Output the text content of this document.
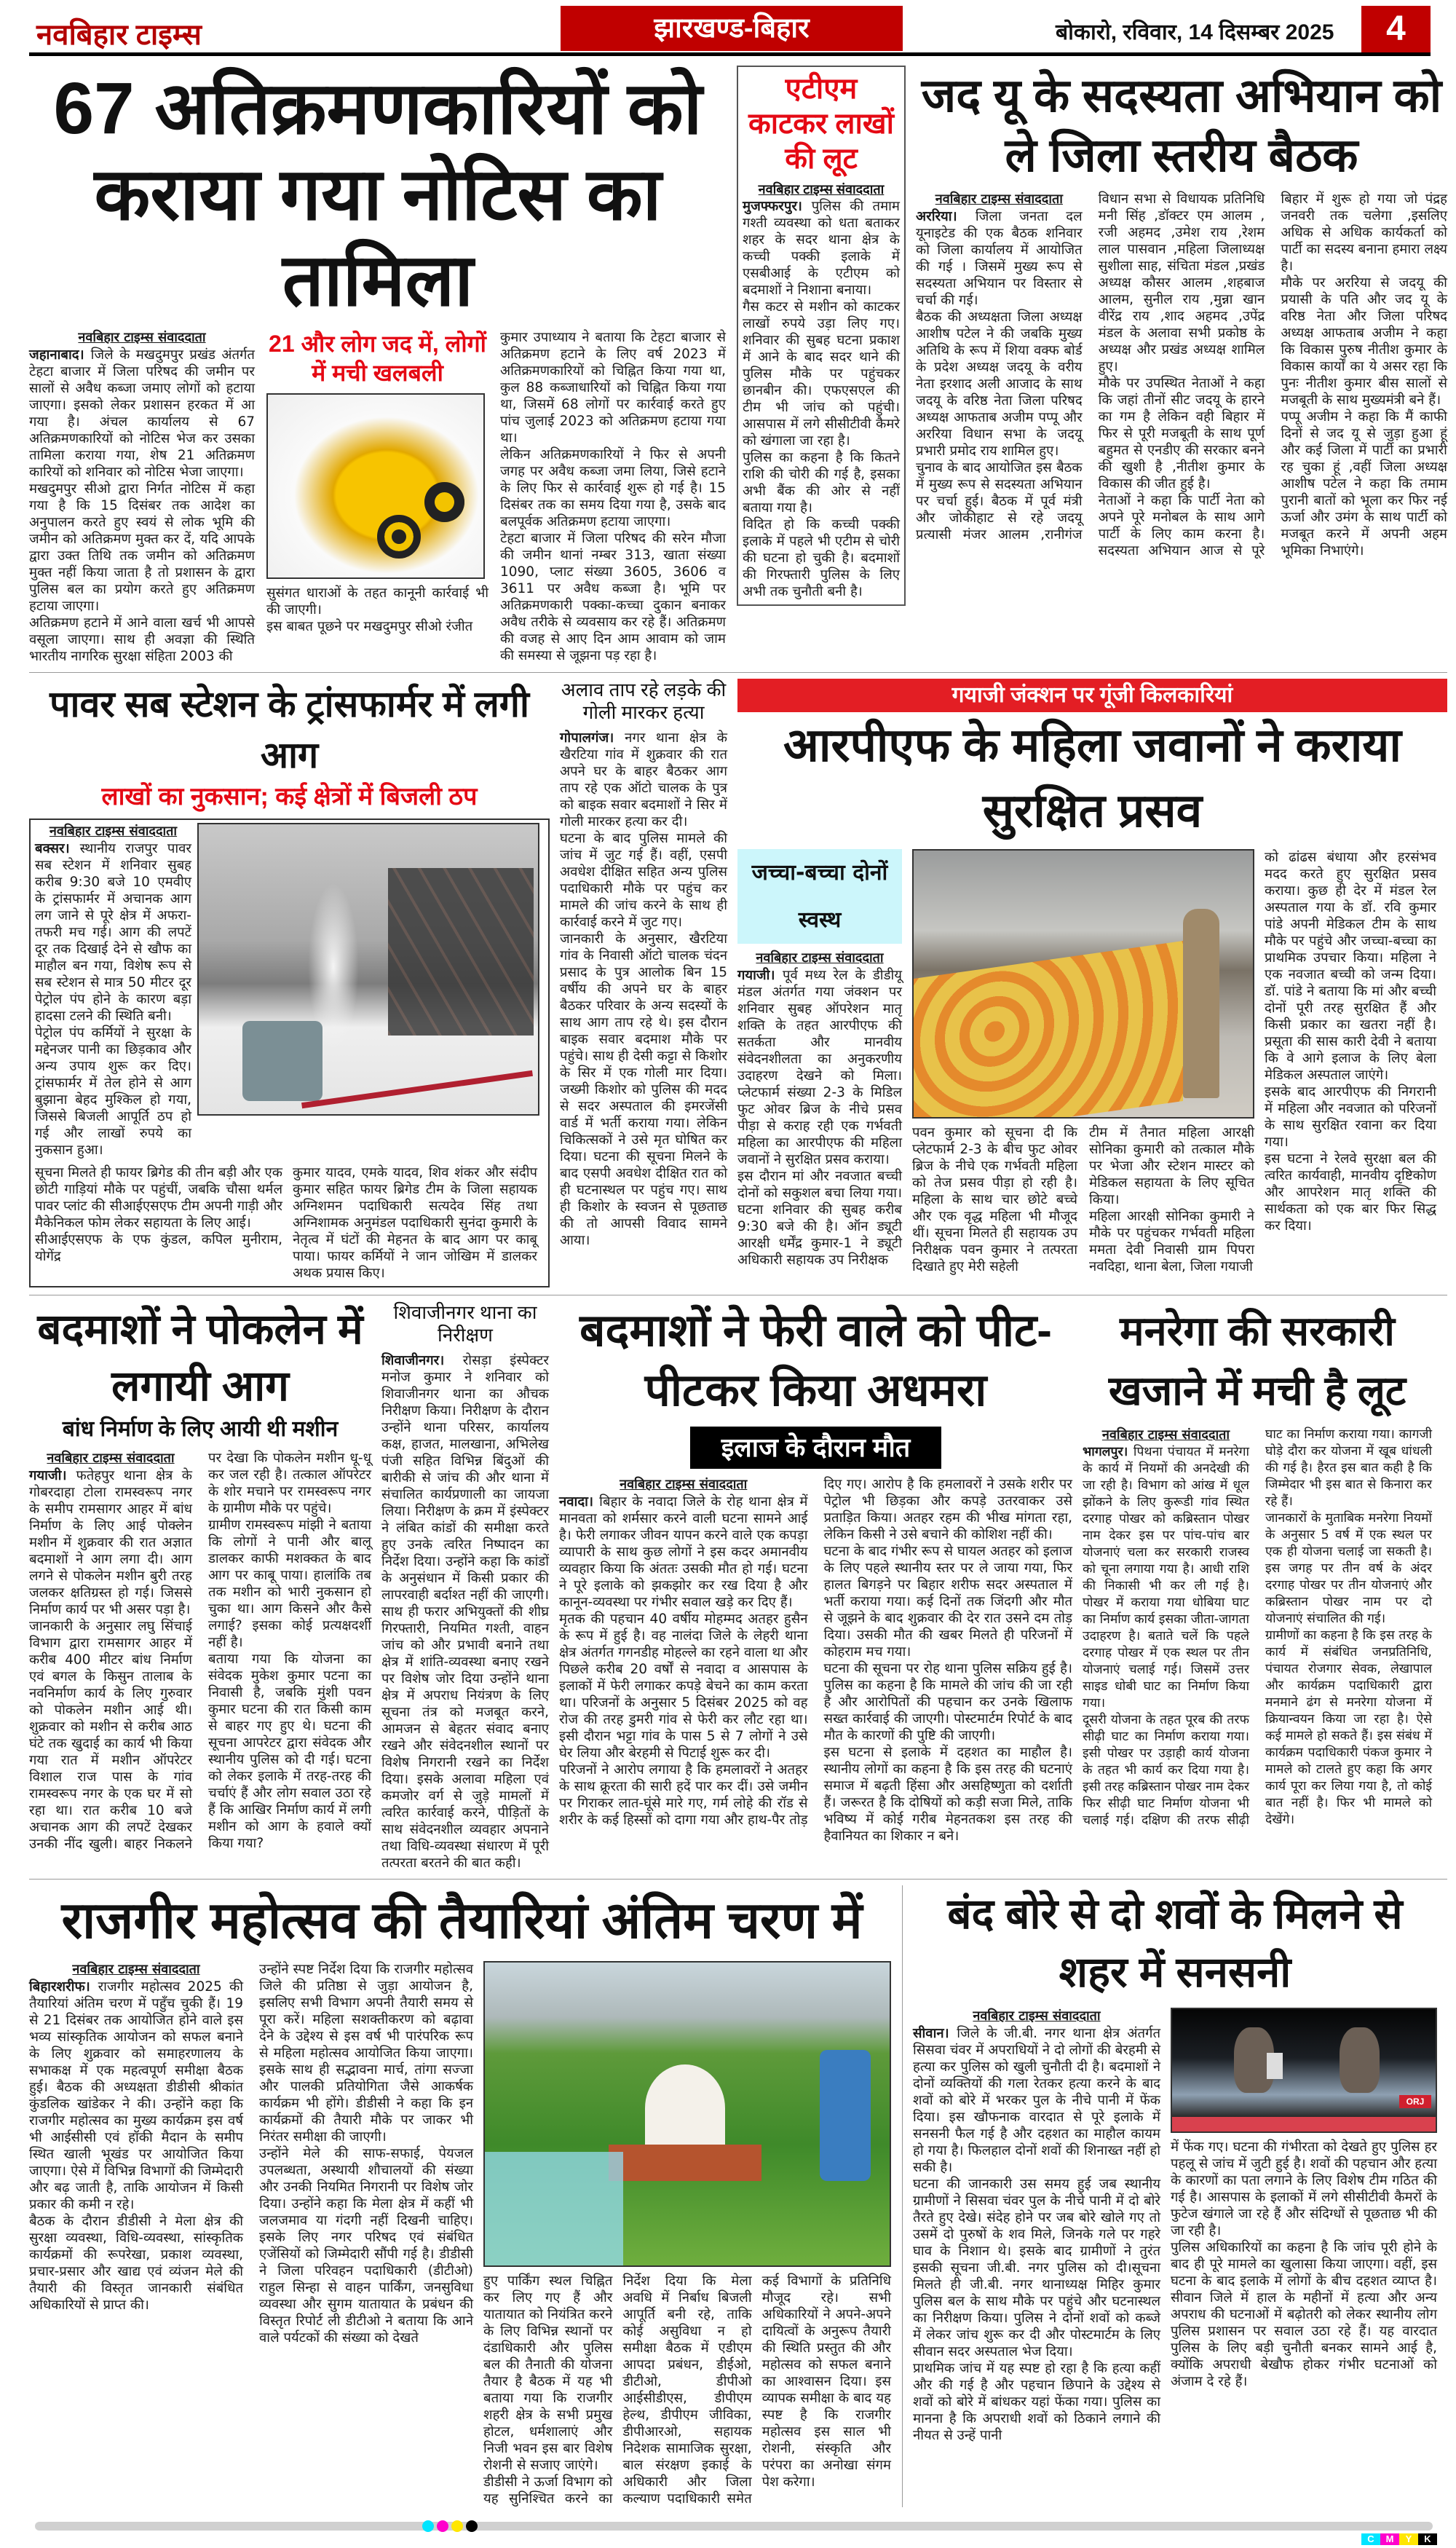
नवबिहार टाइम्स	झारखण्ड-बिहार	बोकारो, रविवार, 14 दिसम्बर 2025	4
67 अतिक्रमणकारियों को कराया गया नोटिस का तामिला
नवबिहार टाइम्स संवाददाता

जहानाबाद। जिले के मखदुमपुर प्रखंड अंतर्गत टेहटा बाजार में जिला परिषद की जमीन पर सालों से अवैध कब्जा जमाए लोगों को हटाया जाएगा। इसको लेकर प्रशासन हरकत में आ गया है। अंचल कार्यालय से 67 अतिक्रमणकारियों को नोटिस भेज कर उसका तामिला कराया गया, शेष 21 अतिक्रमण कारियों को शनिवार को नोटिस भेजा जाएगा।

मखदुमपुर सीओ द्वारा निर्गत नोटिस में कहा गया है कि 15 दिसंबर तक आदेश का अनुपालन करते हुए स्वयं से लोक भूमि की जमीन को अतिक्रमण मुक्त कर दें, यदि आपके द्वारा उक्त तिथि तक जमीन को अतिक्रमण मुक्त नहीं किया जाता है तो प्रशासन के द्वारा पुलिस बल का प्रयोग करते हुए अतिक्रमण हटाया जाएगा।

अतिक्रमण हटाने में आने वाला खर्च भी आपसे वसूला जाएगा। साथ ही अवज्ञा की स्थिति भारतीय नागरिक सुरक्षा संहिता 2003 की

21 और लोग जद में, लोगों में मची खलबली

सुसंगत धाराओं के तहत कानूनी कार्रवाई भी की जाएगी।

इस बाबत पूछने पर मखदुमपुर सीओ रंजीत

कुमार उपाध्याय ने बताया कि टेहटा बाजार से अतिक्रमण हटाने के लिए वर्ष 2023 में अतिक्रमणकारियों को चिह्नित किया गया था, कुल 88 कब्जाधारियों को चिह्नित किया गया था, जिसमें 68 लोगों पर कार्रवाई करते हुए पांच जुलाई 2023 को अतिक्रमण हटाया गया था।

लेकिन अतिक्रमणकारियों ने फिर से अपनी जगह पर अवैध कब्जा जमा लिया, जिसे हटाने के लिए फिर से कार्रवाई शुरू हो गई है। 15 दिसंबर तक का समय दिया गया है, उसके बाद बलपूर्वक अतिक्रमण हटाया जाएगा।

टेहटा बाजार में जिला परिषद की सरेन मौजा की जमीन थानां नम्बर 313, खाता संख्या 1090, प्लाट संख्या 3605, 3606 व 3611 पर अवैध कब्जा है। भूमि पर अतिक्रमणकारी पक्का-कच्चा दुकान बनाकर अवैध तरीके से व्यवसाय कर रहे हैं। अतिक्रमण की वजह से आए दिन आम आवाम को जाम की समस्या से जूझना पड़ रहा है।

एटीएम काटकर लाखों की लूट
नवबिहार टाइम्स संवाददाता

मुजफ्फरपुर। पुलिस की तमाम गश्ती व्यवस्था को धता बताकर शहर के सदर थाना क्षेत्र के कच्ची पक्की इलाके में एसबीआई के एटीएम को बदमाशों ने निशाना बनाया।

गैस कटर से मशीन को काटकर लाखों रुपये उड़ा लिए गए। शनिवार की सुबह घटना प्रकाश में आने के बाद सदर थाने की पुलिस मौके पर पहुंचकर छानबीन की। एफएसएल की टीम भी जांच को पहुंची। आसपास में लगे सीसीटीवी कैमरे को खंगाला जा रहा है।

पुलिस का कहना है कि कितने राशि की चोरी की गई है, इसका अभी बैंक की ओर से नहीं बताया गया है।

विदित हो कि कच्ची पक्की इलाके में पहले भी एटीम से चोरी की घटना हो चुकी है। बदमाशों की गिरफ्तारी पुलिस के लिए अभी तक चुनौती बनी है।

जद यू के सदस्यता अभियान को ले जिला स्तरीय बैठक
नवबिहार टाइम्स संवाददाता

अररिया। जिला जनता दल यूनाइटेड की एक बैठक शनिवार को जिला कार्यालय में आयोजित की गई । जिसमें मुख्य रूप से सदस्यता अभियान पर विस्तार से चर्चा की गई।

बैठक की अध्यक्षता जिला अध्यक्ष आशीष पटेल ने की जबकि मुख्य अतिथि के रूप में शिया वक्फ बोर्ड के प्रदेश अध्यक्ष जदयू के वरीय नेता इरशाद अली आजाद के साथ जदयू के वरिष्ठ नेता जिला परिषद अध्यक्ष आफताब अजीम पप्पू और अररिया विधान सभा के जदयू प्रभारी प्रमोद राय शामिल हुए।

चुनाव के बाद आयोजित इस बैठक में मुख्य रूप से सदस्यता अभियान पर चर्चा हुई। बैठक में पूर्व मंत्री और जोकीहाट से रहे जदयू प्रत्यासी मंजर आलम ,रानीगंज विधान सभा से विधायक प्रतिनिधि मनी सिंह ,डॉक्टर एम आलम , रजी अहमद ,उमेश राय ,रेशम लाल पासवान ,महिला जिलाध्यक्ष सुशीला साह, संचिता मंडल ,प्रखंड अध्यक्ष कौसर आलम ,शहबाज आलम, सुनील राय ,मुन्ना खान वीरेंद्र राय ,शाद अहमद ,उपेंद्र मंडल के अलावा सभी प्रकोष्ठ के अध्यक्ष और प्रखंड अध्यक्ष शामिल हुए।

मौके पर उपस्थित नेताओं ने कहा कि जहां तीनों सीट जदयू के हारने का गम है लेकिन वही बिहार में फिर से पूरी मजबूती के साथ पूर्ण बहुमत से एनडीए की सरकार बनने की खुशी है ,नीतीश कुमार के विकास की जीत हुई है।

नेताओं ने कहा कि पार्टी नेता को अपने पूरे मनोबल के साथ आगे पार्टी के लिए काम करना है। सदस्यता अभियान आज से पूरे बिहार में शुरू हो गया जो पंद्रह जनवरी तक चलेगा ,इसलिए अधिक से अधिक कार्यकर्ता को पार्टी का सदस्य बनाना हमारा लक्ष्य है।

मौके पर अररिया से जदयू की प्रयासी के पति और जद यू के वरिष्ठ नेता और जिला परिषद अध्यक्ष आफताब अजीम ने कहा कि विकास पुरुष नीतीश कुमार के विकास कार्यों का ये असर रहा कि पुनः नीतीश कुमार बीस सालों से मजबूती के साथ मुख्यमंत्री बने हैं।

पप्पू अजीम ने कहा कि मैं काफी दिनों से जद यू से जुड़ा हुआ हूं और कई जिला में पार्टी का प्रभारी रह चुका हूं ,वहीं जिला अध्यक्ष आशीष पटेल ने कहा कि तमाम पुरानी बातों को भूला कर फिर नई ऊर्जा और उमंग के साथ पार्टी को मजबूत करने में अपनी अहम भूमिका निभाएंगे।

पावर सब स्टेशन के ट्रांसफार्मर में लगी आग
लाखों का नुकसान; कई क्षेत्रों में बिजली ठप
नवबिहार टाइम्स संवाददाता

बक्सर। स्थानीय राजपुर पावर सब स्टेशन में शनिवार सुबह करीब 9:30 बजे 10 एमवीए के ट्रांसफार्मर में अचानक आग लग जाने से पूरे क्षेत्र में अफरा-तफरी मच गई। आग की लपटें दूर तक दिखाई देने से खौफ का माहौल बन गया, विशेष रूप से सब स्टेशन से मात्र 50 मीटर दूर पेट्रोल पंप होने के कारण बड़ा हादसा टलने की स्थिति बनी।

पेट्रोल पंप कर्मियों ने सुरक्षा के मद्देनजर पानी का छिड़काव और अन्य उपाय शुरू कर दिए। ट्रांसफार्मर में तेल होने से आग बुझाना बेहद मुश्किल हो गया, जिससे बिजली आपूर्ति ठप हो गई और लाखों रुपये का नुकसान हुआ।

सूचना मिलते ही फायर ब्रिगेड की तीन बड़ी और एक छोटी गाड़ियां मौके पर पहुंचीं, जबकि चौसा थर्मल पावर प्लांट की सीआईएसएफ टीम अपनी गाड़ी और मैकेनिकल फोम लेकर सहायता के लिए आई।

सीआईएसएफ के एफ कुंडल, कपिल मुनीराम, योगेंद्र

कुमार यादव, एमके यादव, शिव शंकर और संदीप कुमार सहित फायर ब्रिगेड टीम के जिला सहायक अग्निशमन पदाधिकारी सत्यदेव सिंह तथा अग्निशामक अनुमंडल पदाधिकारी सुनंदा कुमारी के नेतृत्व में घंटों की मेहनत के बाद आग पर काबू पाया। फायर कर्मियों ने जान जोखिम में डालकर अथक प्रयास किए।

अलाव ताप रहे लड़के की गोली मारकर हत्या

गोपालगंज। नगर थाना क्षेत्र के खैरटिया गांव में शुक्रवार की रात अपने घर के बाहर बैठकर आग ताप रहे एक ऑटो चालक के पुत्र को बाइक सवार बदमाशों ने सिर में गोली मारकर हत्या कर दी।

घटना के बाद पुलिस मामले की जांच में जुट गई हैं। वहीं, एसपी अवधेश दीक्षित सहित अन्य पुलिस पदाधिकारी मौके पर पहुंच कर मामले की जांच करने के साथ ही कार्रवाई करने में जुट गए।

जानकारी के अनुसार, खैरटिया गांव के निवासी ऑटो चालक चंदन प्रसाद के पुत्र आलोक बिन 15 वर्षीय की अपने घर के बाहर बैठकर परिवार के अन्य सदस्यों के साथ आग ताप रहे थे। इस दौरान बाइक सवार बदमाश मौके पर पहुंचे। साथ ही देसी कट्टा से किशोर के सिर में एक गोली मार दिया। जख्मी किशोर को पुलिस की मदद से सदर अस्पताल की इमरजेंसी वार्ड में भर्ती कराया गया। लेकिन चिकित्सकों ने उसे मृत घोषित कर दिया। घटना की सूचना मिलने के बाद एसपी अवधेश दीक्षित रात को ही घटनास्थल पर पहुंच गए। साथ ही किशोर के स्वजन से पूछताछ की तो आपसी विवाद सामने आया।

गयाजी जंक्शन पर गूंजी किलकारियां
आरपीएफ के महिला जवानों ने कराया सुरक्षित प्रसव
जच्चा-बच्चा दोनों स्वस्थ
नवबिहार टाइम्स संवाददाता

गयाजी। पूर्व मध्य रेल के डीडीयू मंडल अंतर्गत गया जंक्शन पर शनिवार सुबह ऑपरेशन मातृ शक्ति के तहत आरपीएफ की सतर्कता और मानवीय संवेदनशीलता का अनुकरणीय उदाहरण देखने को मिला। प्लेटफार्म संख्या 2-3 के मिडिल फुट ओवर ब्रिज के नीचे प्रसव पीड़ा से कराह रही एक गर्भवती महिला का आरपीएफ की महिला जवानों ने सुरक्षित प्रसव कराया।

इस दौरान मां और नवजात बच्ची दोनों को सकुशल बचा लिया गया। घटना शनिवार की सुबह करीब 9:30 बजे की है। ऑन ड्यूटी आरक्षी धर्मेंद्र कुमार-1 ने ड्यूटी अधिकारी सहायक उप निरीक्षक

पवन कुमार को सूचना दी कि प्लेटफार्म 2-3 के बीच फुट ओवर ब्रिज के नीचे एक गर्भवती महिला को तेज प्रसव पीड़ा हो रही है। महिला के साथ चार छोटे बच्चे और एक वृद्ध महिला भी मौजूद थीं। सूचना मिलते ही सहायक उप निरीक्षक पवन कुमार ने तत्परता दिखाते हुए मेरी सहेली

टीम में तैनात महिला आरक्षी सोनिका कुमारी को तत्काल मौके पर भेजा और स्टेशन मास्टर को मेडिकल सहायता के लिए सूचित किया।

महिला आरक्षी सोनिका कुमारी ने मौके पर पहुंचकर गर्भवती महिला ममता देवी निवासी ग्राम पिपरा नवदिहा, थाना बेला, जिला गयाजी

को ढांढस बंधाया और हरसंभव मदद करते हुए सुरक्षित प्रसव कराया। कुछ ही देर में मंडल रेल अस्पताल गया के डॉ. रवि कुमार पांडे अपनी मेडिकल टीम के साथ मौके पर पहुंचे और जच्चा-बच्चा का प्राथमिक उपचार किया। महिला ने एक नवजात बच्ची को जन्म दिया। डॉ. पांडे ने बताया कि मां और बच्ची दोनों पूरी तरह सुरक्षित हैं और किसी प्रकार का खतरा नहीं है। प्रसूता की सास कारी देवी ने बताया कि वे आगे इलाज के लिए बेला मेडिकल अस्पताल जाएंगे।

इसके बाद आरपीएफ की निगरानी में महिला और नवजात को परिजनों के साथ सुरक्षित रवाना कर दिया गया।

इस घटना ने रेलवे सुरक्षा बल की त्वरित कार्यवाही, मानवीय दृष्टिकोण और आपरेशन मातृ शक्ति की सार्थकता को एक बार फिर सिद्ध कर दिया।

बदमाशों ने पोकलेन में लगायी आग
बांध निर्माण के लिए आयी थी मशीन
नवबिहार टाइम्स संवाददाता

गयाजी। फतेहपुर थाना क्षेत्र के गोबरदाहा टोला रामस्वरूप नगर के समीप रामसागर आहर में बांध निर्माण के लिए आई पोक्लेन मशीन में शुक्रवार की रात अज्ञात बदमाशों ने आग लगा दी। आग लगने से पोकलेन मशीन बुरी तरह जलकर क्षतिग्रस्त हो गई। जिससे निर्माण कार्य पर भी असर पड़ा है।

जानकारी के अनुसार लघु सिंचाई विभाग द्वारा रामसागर आहर में करीब 400 मीटर बांध निर्माण एवं बगल के किसुन तालाब के नवनिर्माण कार्य के लिए गुरुवार को पोकलेन मशीन आई थी। शुक्रवार को मशीन से करीब आठ घंटे तक खुदाई का कार्य भी किया गया रात में मशीन ऑपरेटर विशाल राज पास के गांव रामस्वरूप नगर के एक घर में सो रहा था। रात करीब 10 बजे अचानक आग की लपटें देखकर उनकी नींद खुली। बाहर निकलने पर देखा कि पोकलेन मशीन धू-धू कर जल रही है। तत्काल ऑपरेटर के शोर मचाने पर रामस्वरूप नगर के ग्रामीण मौके पर पहुंचे।

ग्रामीण रामस्वरूप मांझी ने बताया कि लोगों ने पानी और बालू डालकर काफी मशक्कत के बाद आग पर काबू पाया। हालांकि तब तक मशीन को भारी नुकसान हो चुका था। आग किसने और कैसे लगाई? इसका कोई प्रत्यक्षदर्शी नहीं है।

बताया गया कि योजना का संवेदक मुकेश कुमार पटना का निवासी है, जबकि मुंशी पवन कुमार घटना की रात किसी काम से बाहर गए हुए थे। घटना की सूचना आपरेटर द्वारा संवेदक और स्थानीय पुलिस को दी गई। घटना को लेकर इलाके में तरह-तरह की चर्चाएं हैं और लोग सवाल उठा रहे हैं कि आखिर निर्माण कार्य में लगी मशीन को आग के हवाले क्यों किया गया?

शिवाजीनगर थाना का निरीक्षण

शिवाजीनगर। रोसड़ा इंस्पेक्टर मनोज कुमार ने शनिवार को शिवाजीनगर थाना का औचक निरीक्षण किया। निरीक्षण के दौरान उन्होंने थाना परिसर, कार्यालय कक्ष, हाजत, मालखाना, अभिलेख पंजी सहित विभिन्न बिंदुओं की बारीकी से जांच की और थाना में संचालित कार्यप्रणाली का जायजा लिया। निरीक्षण के क्रम में इंस्पेक्टर ने लंबित कांडों की समीक्षा करते हुए उनके त्वरित निष्पादन का निर्देश दिया। उन्होंने कहा कि कांडों के अनुसंधान में किसी प्रकार की लापरवाही बर्दाश्त नहीं की जाएगी। साथ ही फरार अभियुक्तों की शीघ्र गिरफ्तारी, नियमित गश्ती, वाहन जांच को और प्रभावी बनाने तथा क्षेत्र में शांति-व्यवस्था बनाए रखने पर विशेष जोर दिया उन्होंने थाना क्षेत्र में अपराध नियंत्रण के लिए सूचना तंत्र को मजबूत करने, आमजन से बेहतर संवाद बनाए रखने और संवेदनशील स्थानों पर विशेष निगरानी रखने का निर्देश दिया। इसके अलावा महिला एवं कमजोर वर्ग से जुड़े मामलों में त्वरित कार्रवाई करने, पीड़ितों के साथ संवेदनशील व्यवहार अपनाने तथा विधि-व्यवस्था संधारण में पूरी तत्परता बरतने की बात कही।

बदमाशों ने फेरी वाले को पीट-पीटकर किया अधमरा
इलाज के दौरान मौत
नवबिहार टाइम्स संवाददाता

नवादा। बिहार के नवादा जिले के रोह थाना क्षेत्र में मानवता को शर्मसार करने वाली घटना सामने आई है। फेरी लगाकर जीवन यापन करने वाले एक कपड़ा व्यापारी के साथ कुछ लोगों ने इस कदर अमानवीय व्यवहार किया कि अंततः उसकी मौत हो गई। घटना ने पूरे इलाके को झकझोर कर रख दिया है और कानून-व्यवस्था पर गंभीर सवाल खड़े कर दिए हैं।

मृतक की पहचान 40 वर्षीय मोहम्मद अतहर हुसैन के रूप में हुई है। वह नालंदा जिले के लेहरी थाना क्षेत्र अंतर्गत गगनडीह मोहल्ले का रहने वाला था और पिछले करीब 20 वर्षों से नवादा व आसपास के इलाकों में फेरी लगाकर कपड़े बेचने का काम करता था। परिजनों के अनुसार 5 दिसंबर 2025 को वह रोज की तरह डुमरी गांव से फेरी कर लौट रहा था। इसी दौरान भट्टा गांव के पास 5 से 7 लोगों ने उसे घेर लिया और बेरहमी से पिटाई शुरू कर दी।

परिजनों ने आरोप लगाया है कि हमलावरों ने अतहर के साथ क्रूरता की सारी हदें पार कर दीं। उसे जमीन पर गिराकर लात-घूंसे मारे गए, गर्म लोहे की रॉड से शरीर के कई हिस्सों को दागा गया और हाथ-पैर तोड़ दिए गए। आरोप है कि हमलावरों ने उसके शरीर पर पेट्रोल भी छिड़का और कपड़े उतरवाकर उसे प्रताड़ित किया। अतहर रहम की भीख मांगता रहा, लेकिन किसी ने उसे बचाने की कोशिश नहीं की।

घटना के बाद गंभीर रूप से घायल अतहर को इलाज के लिए पहले स्थानीय स्तर पर ले जाया गया, फिर हालत बिगड़ने पर बिहार शरीफ सदर अस्पताल में भर्ती कराया गया। कई दिनों तक जिंदगी और मौत से जूझने के बाद शुक्रवार की देर रात उसने दम तोड़ दिया। उसकी मौत की खबर मिलते ही परिजनों में कोहराम मच गया।

घटना की सूचना पर रोह थाना पुलिस सक्रिय हुई है। पुलिस का कहना है कि मामले की जांच की जा रही है और आरोपितों की पहचान कर उनके खिलाफ सख्त कार्रवाई की जाएगी। पोस्टमार्टम रिपोर्ट के बाद मौत के कारणों की पुष्टि की जाएगी।

इस घटना से इलाके में दहशत का माहौल है। स्थानीय लोगों का कहना है कि इस तरह की घटनाएं समाज में बढ़ती हिंसा और असहिष्णुता को दर्शाती हैं। जरूरत है कि दोषियों को कड़ी सजा मिले, ताकि भविष्य में कोई गरीब मेहनतकश इस तरह की हैवानियत का शिकार न बने।

मनरेगा की सरकारी खजाने में मची है लूट
नवबिहार टाइम्स संवाददाता

भागलपुर। पिथना पंचायत में मनरेगा के कार्य में नियमों की अनदेखी की जा रही है। विभाग को आंख में धूल झोंकने के लिए कुरूडी गांव स्थित दरगाह पोखर को कब्रिस्तान पोखर नाम देकर इस पर पांच-पांच बार योजनाएं चला कर सरकारी राजस्व को चूना लगाया गया है। आधी राशि की निकासी भी कर ली गई है। पोखर में कराया गया धोबिया घाट का निर्माण कार्य इसका जीता-जागता उदाहरण है। बताते चलें कि पहले दरगाह पोखर में एक स्थल पर तीन योजनाएं चलाई गई। जिसमें उत्तर साइड धोबी घाट का निर्माण किया गया।

दूसरी योजना के तहत पूरब की तरफ सीढ़ी घाट का निर्माण कराया गया। इसी पोखर पर उड़ाही कार्य योजना के तहत भी कार्य कर दिया गया है। इसी तरह कब्रिस्तान पोखर नाम देकर फिर सीढ़ी घाट निर्माण योजना भी चलाई गई। दक्षिण की तरफ सीढ़ी घाट का निर्माण कराया गया। कागजी घोड़े दौरा कर योजना में खूब धांधली की गई है। हैरत इस बात कही है कि जिम्मेदार भी इस बात से किनारा कर रहे हैं।

जानकारों के मुताबिक मनरेगा नियमों के अनुसार 5 वर्ष में एक स्थल पर एक ही योजना चलाई जा सकती है। इस जगह पर तीन वर्ष के अंदर दरगाह पोखर पर तीन योजनाएं और कब्रिस्तान पोखर नाम पर दो योजनाएं संचालित की गई।

ग्रामीणों का कहना है कि इस तरह के कार्य में संबंधित जनप्रतिनिधि, पंचायत रोजगार सेवक, लेखापाल और कार्यक्रम पदाधिकारी द्वारा मनमाने ढंग से मनरेगा योजना में क्रियान्वयन किया जा रहा है। ऐसे कई मामले हो सकते हैं। इस संबंध में कार्यक्रम पदाधिकारी पंकज कुमार ने मामले को टालते हुए कहा कि अगर कार्य पूरा कर लिया गया है, तो कोई बात नहीं है। फिर भी मामले को देखेंगे।

राजगीर महोत्सव की तैयारियां अंतिम चरण में
नवबिहार टाइम्स संवाददाता

बिहारशरीफ। राजगीर महोत्सव 2025 की तैयारियां अंतिम चरण में पहुँच चुकी हैं। 19 से 21 दिसंबर तक आयोजित होने वाले इस भव्य सांस्कृतिक आयोजन को सफल बनाने के लिए शुक्रवार को समाहरणालय के सभाकक्ष में एक महत्वपूर्ण समीक्षा बैठक हुई। बैठक की अध्यक्षता डीडीसी श्रीकांत कुंडलिक खांडेकर ने की। उन्होंने कहा कि राजगीर महोत्सव का मुख्य कार्यक्रम इस वर्ष भी आईसीसी एवं हॉकी मैदान के समीप स्थित खाली भूखंड पर आयोजित किया जाएगा। ऐसे में विभिन्न विभागों की जिम्मेदारी और बढ़ जाती है, ताकि आयोजन में किसी प्रकार की कमी न रहे।

बैठक के दौरान डीडीसी ने मेला क्षेत्र की सुरक्षा व्यवस्था, विधि-व्यवस्था, सांस्कृतिक कार्यक्रमों की रूपरेखा, प्रकाश व्यवस्था, प्रचार-प्रसार और खाद्य एवं व्यंजन मेले की तैयारी की विस्तृत जानकारी संबंधित अधिकारियों से प्राप्त की।

उन्होंने स्पष्ट निर्देश दिया कि राजगीर महोत्सव जिले की प्रतिष्ठा से जुड़ा आयोजन है, इसलिए सभी विभाग अपनी तैयारी समय से पूरा करें। महिला सशक्तीकरण को बढ़ावा देने के उद्देश्य से इस वर्ष भी पारंपरिक रूप से महिला महोत्सव आयोजित किया जाएगा। इसके साथ ही सद्भावना मार्च, तांगा सज्जा और पालकी प्रतियोगिता जैसे आकर्षक कार्यक्रम भी होंगे। डीडीसी ने कहा कि इन कार्यक्रमों की तैयारी मौके पर जाकर भी निरंतर समीक्षा की जाएगी।

उन्होंने मेले की साफ-सफाई, पेयजल उपलब्धता, अस्थायी शौचालयों की संख्या और उनकी नियमित निगरानी पर विशेष जोर दिया। उन्होंने कहा कि मेला क्षेत्र में कहीं भी जलजमाव या गंदगी नहीं दिखनी चाहिए। इसके लिए नगर परिषद एवं संबंधित एजेंसियों को जिम्मेदारी सौंपी गई है। डीडीसी ने जिला परिवहन पदाधिकारी (डीटीओ) राहुल सिन्हा से वाहन पार्किंग, जनसुविधा व्यवस्था और सुगम यातायात के प्रबंधन की विस्तृत रिपोर्ट ली डीटीओ ने बताया कि आने वाले पर्यटकों की संख्या को देखते

हुए पार्किंग स्थल चिह्नित कर लिए गए हैं और यातायात को नियंत्रित करने के लिए विभिन्न स्थानों पर दंडाधिकारी और पुलिस बल की तैनाती की योजना तैयार है बैठक में यह भी बताया गया कि राजगीर शहरी क्षेत्र के सभी प्रमुख होटल, धर्मशालाएं और निजी भवन इस बार विशेष रोशनी से सजाए जाएंगे।

डीडीसी ने ऊर्जा विभाग को यह सुनिश्चित करने का निर्देश दिया कि मेला अवधि में निर्बाध बिजली आपूर्ति बनी रहे, ताकि कोई असुविधा न हो समीक्षा बैठक में एडीएम आपदा प्रबंधन, डीईओ, डीटीओ, डीपीओ आईसीडीएस, डीपीएम हेल्थ, डीपीएम जीविका, डीपीआरओ, सहायक निदेशक सामाजिक सुरक्षा, बाल संरक्षण इकाई के अधिकारी और जिला कल्याण पदाधिकारी समेत कई विभागों के प्रतिनिधि मौजूद रहे। सभी अधिकारियों ने अपने-अपने दायित्वों के अनुरूप तैयारी की स्थिति प्रस्तुत की और महोत्सव को सफल बनाने का आश्वासन दिया। इस व्यापक समीक्षा के बाद यह स्पष्ट है कि राजगीर महोत्सव इस साल भी रोशनी, संस्कृति और परंपरा का अनोखा संगम पेश करेगा।

बंद बोरे से दो शवों के मिलने से शहर में सनसनी
नवबिहार टाइम्स संवाददाता

सीवान। जिले के जी.बी. नगर थाना क्षेत्र अंतर्गत सिसवा चंवर में अपराधियों ने दो लोगों की बेरहमी से हत्या कर पुलिस को खुली चुनौती दी है। बदमाशों ने दोनों व्यक्तियों की गला रेतकर हत्या करने के बाद शवों को बोरे में भरकर पुल के नीचे पानी में फेंक दिया। इस खौफनाक वारदात से पूरे इलाके में सनसनी फैल गई है और दहशत का माहौल कायम हो गया है। फिलहाल दोनों शवों की शिनाख्त नहीं हो सकी है।

घटना की जानकारी उस समय हुई जब स्थानीय ग्रामीणों ने सिसवा चंवर पुल के नीचे पानी में दो बोरे तैरते हुए देखे। संदेह होने पर जब बोरे खोले गए तो उसमें दो पुरुषों के शव मिले, जिनके गले पर गहरे घाव के निशान थे। इसके बाद ग्रामीणों ने तुरंत इसकी सूचना जी.बी. नगर पुलिस को दी।सूचना मिलते ही जी.बी. नगर थानाध्यक्ष मिहिर कुमार पुलिस बल के साथ मौके पर पहुंचे और घटनास्थल का निरीक्षण किया। पुलिस ने दोनों शवों को कब्जे में लेकर जांच शुरू कर दी और पोस्टमार्टम के लिए सीवान सदर अस्पताल भेज दिया।

प्राथमिक जांच में यह स्पष्ट हो रहा है कि हत्या कहीं और की गई है और पहचान छिपाने के उद्देश्य से शवों को बोरे में बांधकर यहां फेंका गया। पुलिस का मानना है कि अपराधी शवों को ठिकाने लगाने की नीयत से उन्हें पानी

ORJ

में फेंक गए। घटना की गंभीरता को देखते हुए पुलिस हर पहलू से जांच में जुटी हुई है। शवों की पहचान और हत्या के कारणों का पता लगाने के लिए विशेष टीम गठित की गई है। आसपास के इलाकों में लगे सीसीटीवी कैमरों के फुटेज खंगाले जा रहे हैं और संदिग्धों से पूछताछ भी की जा रही है।

पुलिस अधिकारियों का कहना है कि जांच पूरी होने के बाद ही पूरे मामले का खुलासा किया जाएगा। वहीं, इस घटना के बाद इलाके में लोगों के बीच दहशत व्याप्त है। सीवान जिले में हाल के महीनों में हत्या और अन्य अपराध की घटनाओं में बढ़ोतरी को लेकर स्थानीय लोग पुलिस प्रशासन पर सवाल उठा रहे हैं। यह वारदात पुलिस के लिए बड़ी चुनौती बनकर सामने आई है, क्योंकि अपराधी बेखौफ होकर गंभीर घटनाओं को अंजाम दे रहे हैं।

C	M	Y	K
